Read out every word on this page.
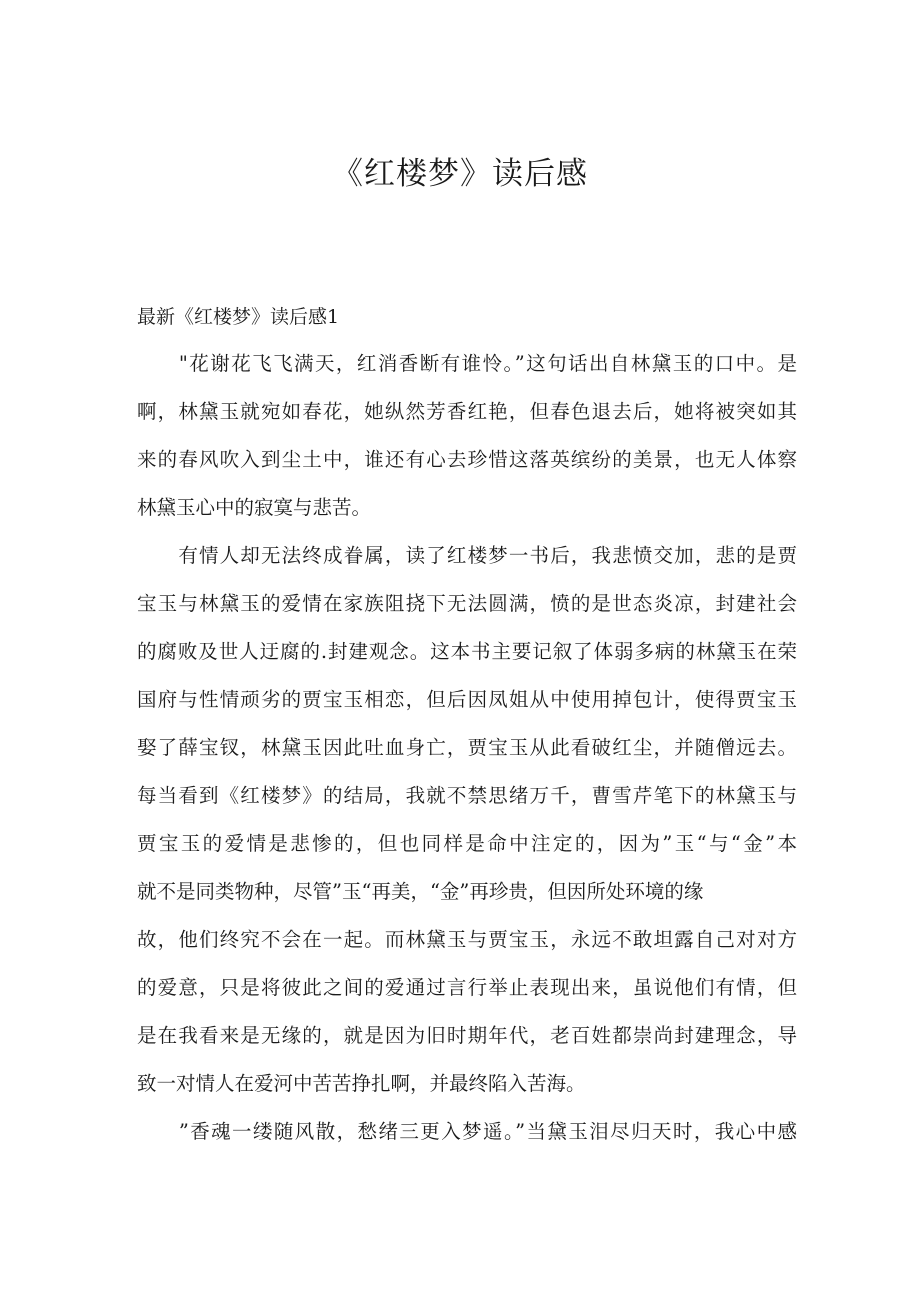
《红楼梦》读后感
最新《红楼梦》读后感1
　　"花谢花飞飞满天，红消香断有谁怜。”这句话出自林黛玉的口中。是
啊，林黛玉就宛如春花，她纵然芳香红艳，但春色退去后，她将被突如其
来的春风吹入到尘土中，谁还有心去珍惜这落英缤纷的美景，也无人体察
林黛玉心中的寂寞与悲苦。
　　有情人却无法终成眷属，读了红楼梦一书后，我悲愤交加，悲的是贾
宝玉与林黛玉的爱情在家族阻挠下无法圆满，愤的是世态炎凉，封建社会
的腐败及世人迂腐的.封建观念。这本书主要记叙了体弱多病的林黛玉在荣
国府与性情顽劣的贾宝玉相恋，但后因凤姐从中使用掉包计，使得贾宝玉
娶了薛宝钗，林黛玉因此吐血身亡，贾宝玉从此看破红尘，并随僧远去。
每当看到《红楼梦》的结局，我就不禁思绪万千，曹雪芹笔下的林黛玉与
贾宝玉的爱情是悲惨的，但也同样是命中注定的，因为”玉“与“金”本
就不是同类物种，尽管”玉“再美，“金”再珍贵，但因所处环境的缘
故，他们终究不会在一起。而林黛玉与贾宝玉，永远不敢坦露自己对对方
的爱意，只是将彼此之间的爱通过言行举止表现出来，虽说他们有情，但
是在我看来是无缘的，就是因为旧时期年代，老百姓都崇尚封建理念，导
致一对情人在爱河中苦苦挣扎啊，并最终陷入苦海。
　　”香魂一缕随风散，愁绪三更入梦遥。”当黛玉泪尽归天时，我心中感
